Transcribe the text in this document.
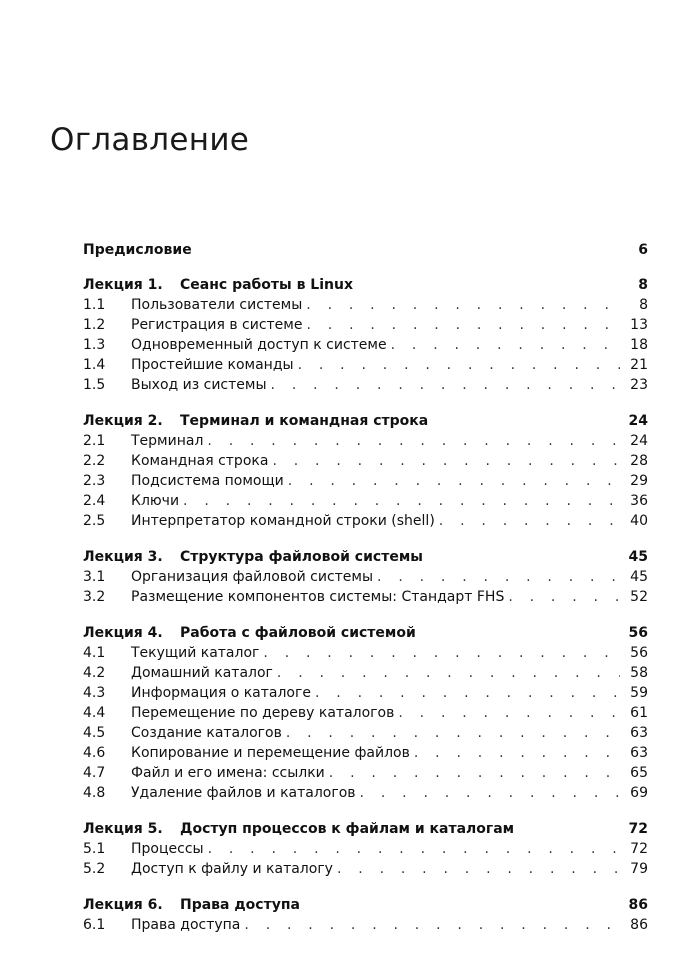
Оглавление
Предисловие	6
Лекция 1.	Сеанс работы в Linux	8
1.1	Пользователи системы . . .	8
1.2	Регистрация в системе . . .	13
1.3	Одновременный доступ к системе . . .	18
1.4	Простейшие команды . . .	21
1.5	Выход из системы . . .	23
Лекция 2.	Терминал и командная строка	24
2.1	Терминал . . .	24
2.2	Командная строка . . .	28
2.3	Подсистема помощи . . .	29
2.4	Ключи . . .	36
2.5	Интерпретатор командной строки (shell) . . .	40
Лекция 3.	Структура файловой системы	45
3.1	Организация файловой системы . . .	45
3.2	Размещение компонентов системы: Стандарт FHS . . .	52
Лекция 4.	Работа с файловой системой	56
4.1	Текущий каталог . . .	56
4.2	Домашний каталог . . .	58
4.3	Информация о каталоге . . .	59
4.4	Перемещение по дереву каталогов . . .	61
4.5	Создание каталогов . . .	63
4.6	Копирование и перемещение файлов . . .	63
4.7	Файл и его имена: ссылки . . .	65
4.8	Удаление файлов и каталогов . . .	69
Лекция 5.	Доступ процессов к файлам и каталогам	72
5.1	Процессы . . .	72
5.2	Доступ к файлу и каталогу . . .	79
Лекция 6.	Права доступа	86
6.1	Права доступа . . .	86
